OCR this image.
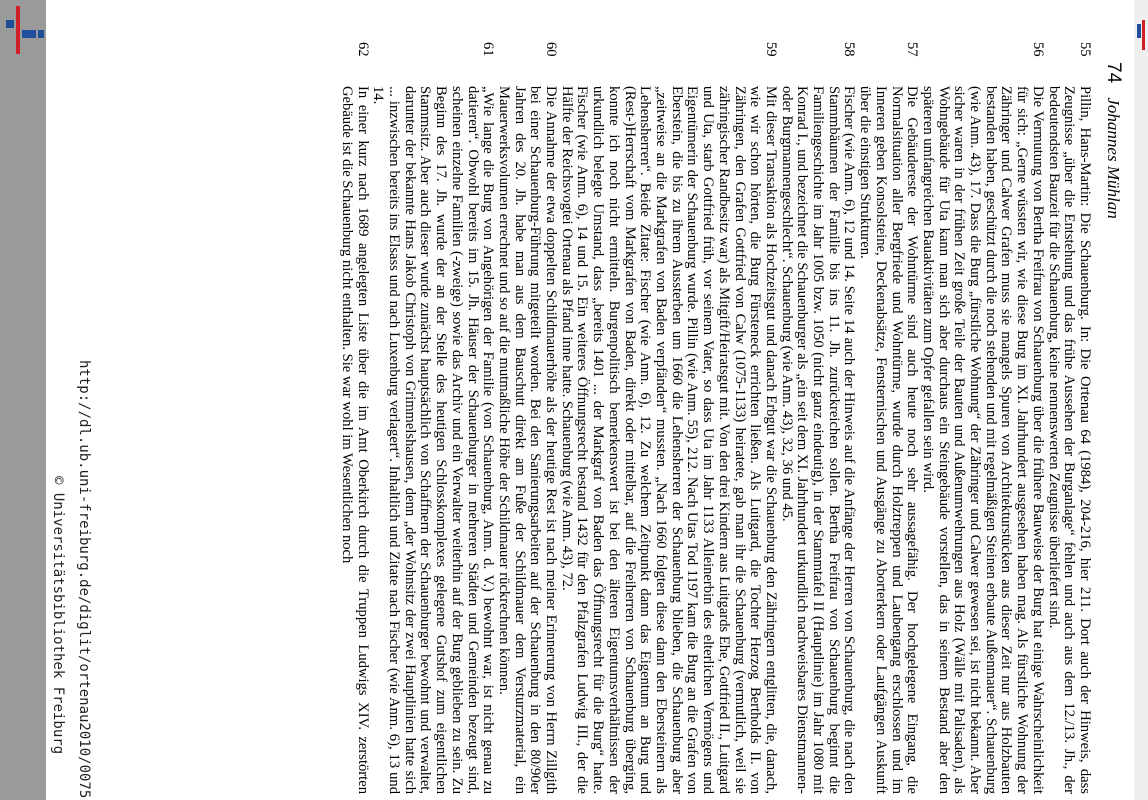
74 Johannes Mühlan
55
Pillin, Hans-Martin: Die Schauenburg. In: Die Ortenau 64 (1984), 204-216, hier 211. Dort auch der Hinweis, dass Zeugnisse „über die Entstehung und das frühe Aussehen der Burganlage“ fehlen und auch aus dem 12./13. Jh., der bedeutendsten Bauzeit für die Schauenburg, keine nennenswerten Zeugnisse überliefert sind.
56
Die Vermutung von Bertha Freifrau von Schauenburg über die frühere Bauweise der Burg hat einige Wahrscheinlichkeit für sich: „Gerne wüssten wir, wie diese Burg im XI. Jahrhundert ausgesehen haben mag. Als fürstliche Wohnung der Zähringer und Calwer Grafen muss sie mangels Spuren von Architekturstücken aus dieser Zeit nur aus Holzbauten bestanden haben, geschützt durch die noch stehenden und mit regelmäßigen Steinen erbaute Außenmauer“. Schauenburg (wie Anm. 43), 17. Dass die Burg „fürstliche Wohnung“ der Zähringer und Calwer gewesen sei, ist nicht bekannt. Aber sicher waren in der frühen Zeit große Teile der Bauten und Außenumwehrungen aus Holz (Wälle mit Palisaden), als Wohngebäude für Uta kann man sich aber durchaus ein Steingebäude vorstellen, das in seinem Bestand aber den späteren umfangreichen Bauaktivitäten zum Opfer gefallen sein wird.
57
Die Gebäudereste der Wohntürme sind auch heute noch sehr aussagefähig. Der hochgelegene Eingang, die Normalsituation aller Bergfriede und Wohntürme, wurde durch Holztreppen und Laubengang erschlossen und im Inneren geben Konsolsteine, Deckenabsätze, Fensternischen und Ausgänge zu Aborterkern oder Laufgängen Auskunft über die einstigen Strukturen.
58
Fischer (wie Anm. 6), 12 und 14. Seite 14 auch der Hinweis auf die Anfänge der Herren von Schauenburg, die nach den Stammbäumen der Familie bis ins 11. Jh. zurückreichen sollen. Bertha Freifrau von Schauenburg beginnt die Familiengeschichte im Jahr 1005 bzw. 1050 (nicht ganz eindeutig), in der Stammtafel II (Hauptlinie) im Jahr 1080 mit Konrad I., und bezeichnet die Schauenburger als „ein seit dem XI. Jahrhundert urkundlich nachweisbares Dienstmannen- oder Burgmannengeschlecht“. Schauenburg (wie Anm. 43), 32, 36 und 45.
59
Mit dieser Transaktion als Hochzeitsgut und danach Erbgut war die Schauenburg den Zähringern entglitten, die, danach, wie wir schon hörten, die Burg Fürsteneck errichten ließen. Als Luitgard, die Tochter Herzog Bertholds II. von Zähringen, den Grafen Gottfried von Calw (1075-1133) heiratete, gab man ihr die Schauenburg (vermutlich, weil sie zähringischer Randbesitz war) als Mitgift/Heiratsgut mit. Von den drei Kindern aus Luitgards Ehe, Gottfried II., Luitgard und Uta, starb Gottfried früh, vor seinem Vater, so dass Uta im Jahr 1133 Alleinerbin des elterlichen Vermögens und Eigentümerin der Schauenburg wurde. Pillin (wie Anm. 55), 212. Nach Utas Tod 1197 kam die Burg an die Grafen von Eberstein, die bis zu ihrem Aussterben um 1660 die Lehensherren der Schauenburg blieben, die Schauenburg aber „zeitweise an die Markgrafen von Baden verpfänden“ mussten. „Nach 1660 folgten diese dann den Ebersteinern als Lehensherren“. Beide Zitate: Fischer (wie Anm. 6), 12. Zu welchem Zeitpunkt dann das Eigentum an Burg und (Rest-)Herrschaft vom Markgrafen von Baden, direkt oder mittelbar, auf die Freiherren von Schauenburg überging, konnte ich noch nicht ermitteln. Burgenpolitisch bemerkenswert ist bei den älteren Eigentumsverhältnissen der urkundlich belegte Umstand, dass „bereits 1401 ... der Markgraf von Baden das Öffnungsrecht für die Burg“ hatte. Fischer (wie Anm. 6), 14 und 15. Ein weiteres Öffnungsrecht bestand 1432 für den Pfalzgrafen Ludwig III., der die Hälfte der Reichsvogtei Ortenau als Pfand inne hatte. Schauenburg (wie Anm. 43), 72.
60
Die Annahme der etwa doppelten Schildmauerhöhe als der heutige Rest ist nach meiner Erinnerung von Herrn Zillgith bei einer Schauenburg-Führung mitgeteilt worden. Bei den Sanierungsarbeiten auf der Schauenburg in den 80/90er Jahren des 20. Jh. habe man aus dem Bauschutt direkt am Fuße der Schildmauer dem Versturzmaterial, ein Mauerwerksvolumen errechnet und so auf die mutmaßliche Höhe der Schildmauer rückrechnen können.
61
„Wie lange die Burg von Angehörigen der Familie (von Schauenburg, Anm. d. V.) bewohnt war, ist nicht genau zu datieren“. Obwohl bereits im 15. Jh. Häuser der Schauenburger in mehreren Städten und Gemeinden bezeugt sind, scheinen einzelne Familien (-zweige) sowie das Archiv und ein Verwalter weiterhin auf der Burg geblieben zu sein. Zu Beginn des 17. Jh. wurde der an der Stelle des heutigen Schlosskomplexes gelegene Gutshof zum eigentlichen Stammsitz. Aber auch dieser wurde zunächst hauptsächlich von Schaffnern der Schauenburger bewohnt und verwaltet, darunter der bekannte Hans Jakob Christoph von Grimmelshausen, denn „der Wohnsitz der zwei Hauptlinien hatte sich ... inzwischen bereits ins Elsass und nach Luxenburg verlagert“. Inhaltlich und Zitate nach Fischer (wie Anm. 6), 13 und 14.
62
In einer kurz nach 1689 angelegten Liste über die im Amt Oberkirch durch die Truppen Ludwigs XIV. zerstörten Gebäude ist die Schauenburg nicht enthalten. Sie war wohl im Wesentlichen noch
http://dl.ub.uni-freiburg.de/diglit/ortenau2010/0075
© Universitätsbibliothek Freiburg
